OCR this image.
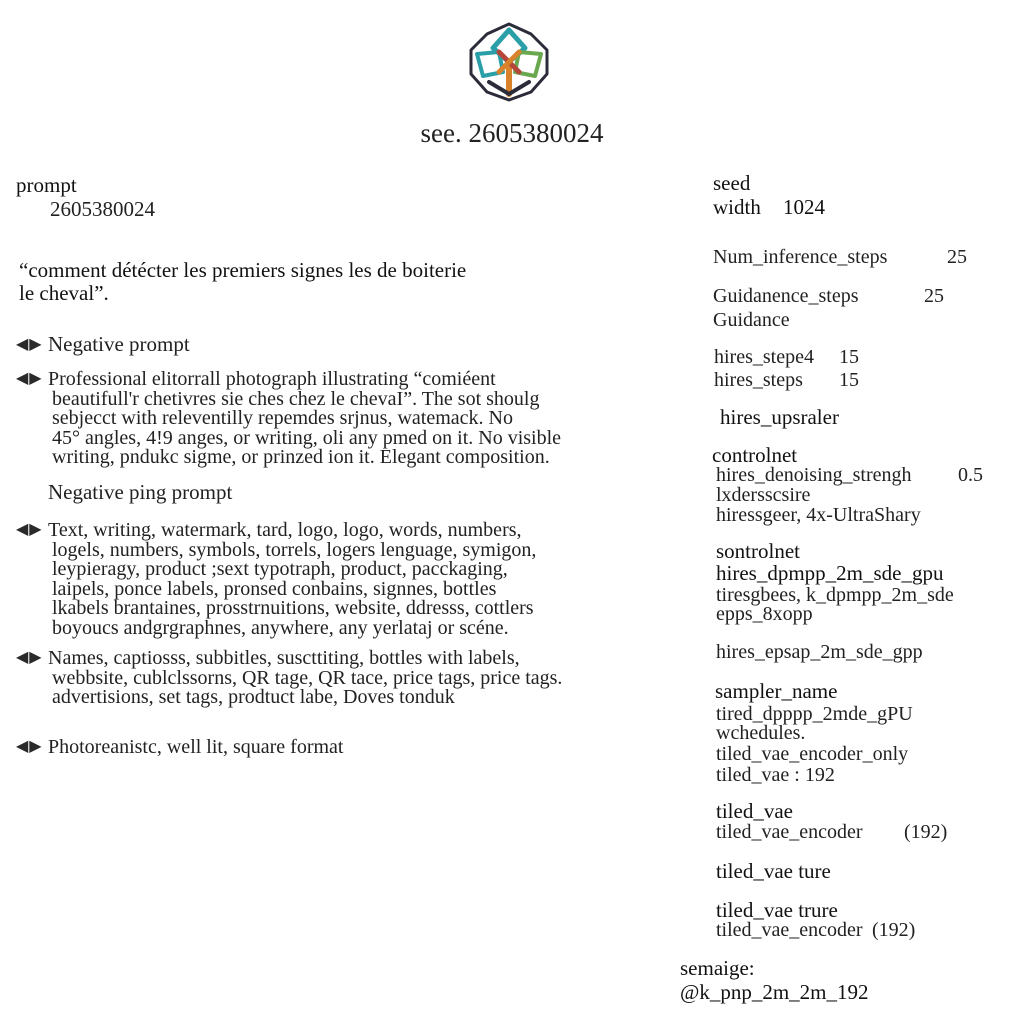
see. 2605380024
prompt
2605380024
“comment détécter les premiers signes les de boiterie
le cheval”.
◀▶ Negative prompt
◀▶ Professional elitorrall photograph illustrating “comiéent
beautifull'r chetivres sie ches chez le chevaI”. The sot shoulg
sebjecct with releventilly repemdes srjnus, watemack. No
45° angles, 4!9 anges, or writing, oli any pmed on it. No visible
writing, pndukc sigme, or prinzed ion it. Elegant composition.
Negative ping prompt
◀▶ Text, writing, watermark, tard, logo, logo, words, numbers,
logels, numbers, symbols, torrels, logers lenguage, symigon,
leypieragy, product ;sext typotraph, product, pacckaging,
laipels, ponce labels, pronsed conbains, signnes, bottles
lkabels brantaines, prosstrnuitions, website, ddresss, cottlers
boyoucs andgrgraphnes, anywhere, any yerlataj or scéne.
◀▶ Names, captiosss, subbitles, suscttiting, bottles with labels,
webbsite, cublclssorns, QR tage, QR tace, price tags, price tags.
advertisions, set tags, prodtuct labe, Doves tonduk
◀▶ Photoreanistc, well lit, square format
seed
width 1024
Num_inference_steps	25
Guidanence_steps	25
Guidance
hires_stepe4 15
hires_steps 15
hires_upsraler
controlnet
hires_denoising_strengh 0.5
lxdersscsire
hiressgeer, 4x-UltraShary
sontrolnet
hires_dpmpp_2m_sde_gpu
tiresgbees, k_dpmpp_2m_sde
epps_8xopp
hires_epsap_2m_sde_gpp
sampler_name
tired_dpppp_2mde_gPU
wchedules.
tiled_vae_encoder_only
tiled_vae : 192
tiled_vae
tiled_vae_encoder (192)
tiled_vae ture
tiled_vae trure
tiled_vae_encoder (192)
semaige:
@k_pnp_2m_2m_192
